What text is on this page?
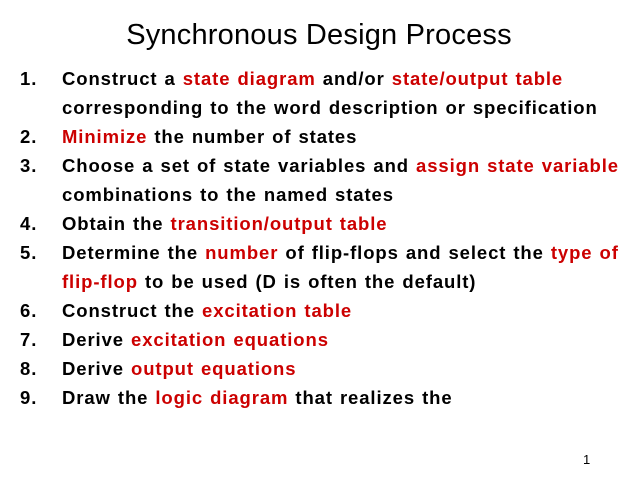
Synchronous Design Process
1.	Construct a state diagram and/or state/output table corresponding to the word description or specification
2.	Minimize the number of states
3.	Choose a set of state variables and assign state variable combinations to the named states
4.	Obtain the transition/output table
5.	Determine the number of flip-flops and select the type of flip-flop to be used (D is often the default)
6.	Construct the excitation table
7.	Derive excitation equations
8.	Derive output equations
9.	Draw the logic diagram that realizes the
1
